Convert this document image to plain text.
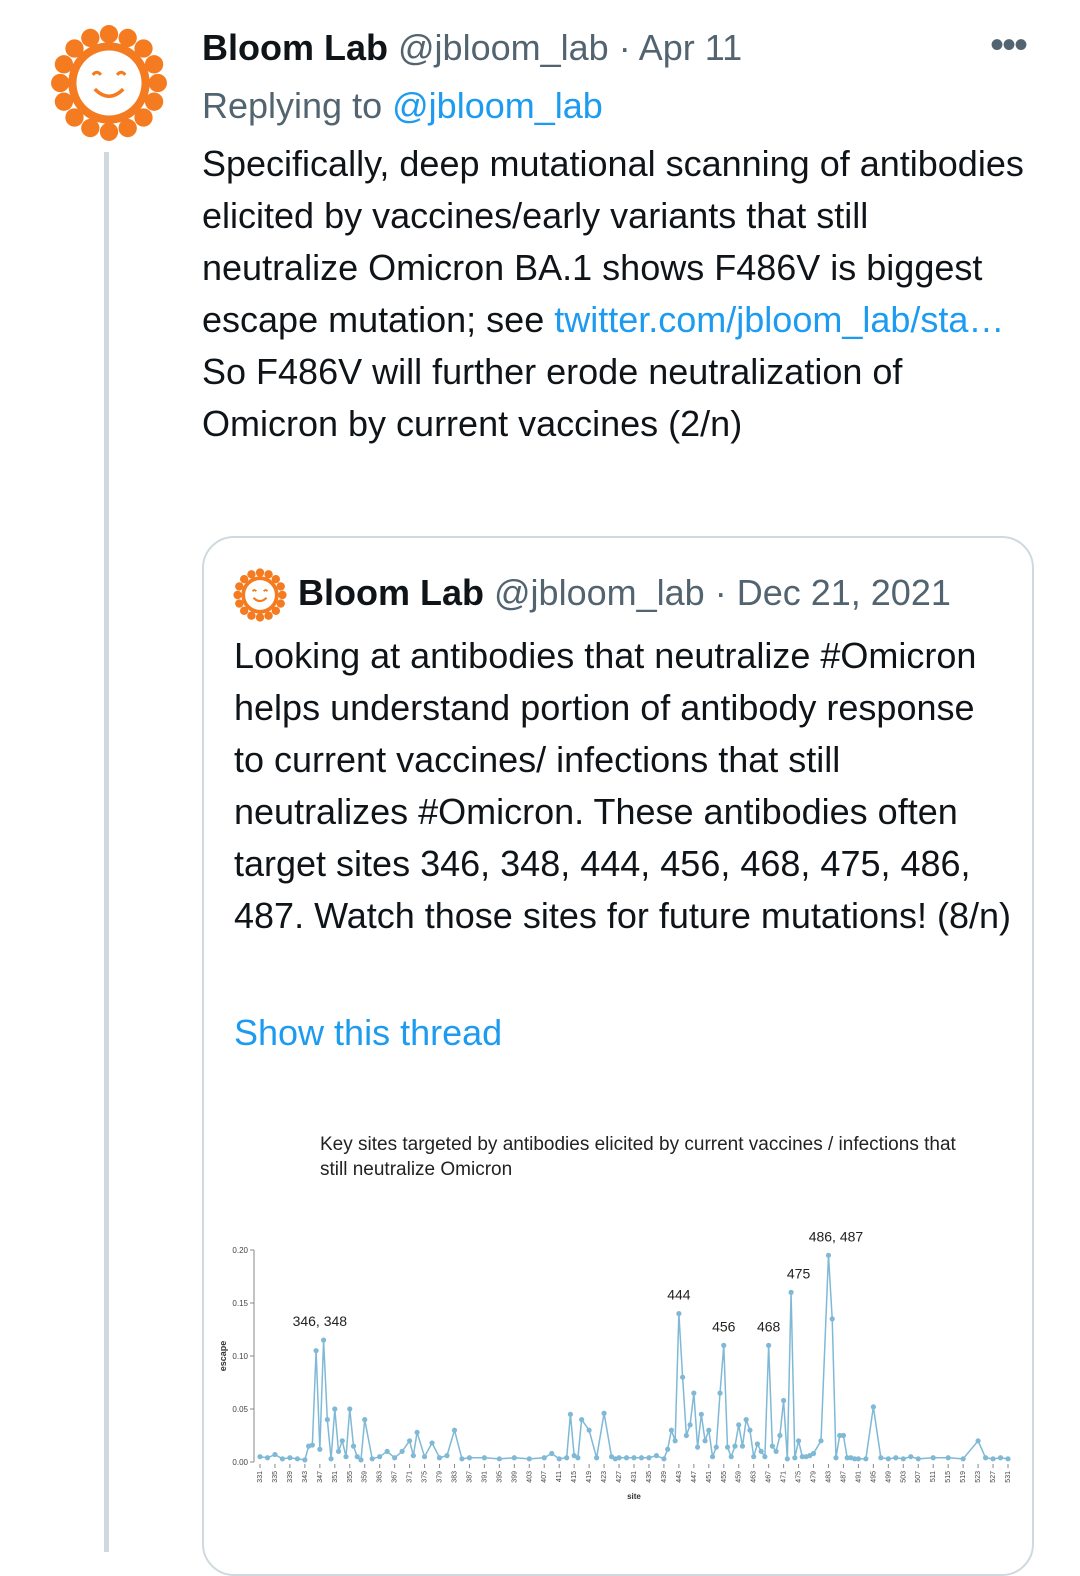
Bloom Lab @jbloom_lab · Apr 11	•••
Replying to @jbloom_lab
Specifically, deep mutational scanning of antibodies elicited by vaccines/early variants that still neutralize Omicron BA.1 shows F486V is biggest escape mutation; see twitter.com/jbloom_lab/sta… So F486V will further erode neutralization of Omicron by current vaccines (2/n)
Bloom Lab @jbloom_lab · Dec 21, 2021
Looking at antibodies that neutralize #Omicron helps understand portion of antibody response to current vaccines/ infections that still neutralizes #Omicron. These antibodies often target sites 346, 348, 444, 456, 468, 475, 486, 487. Watch those sites for future mutations! (8/n)
Show this thread
Key sites targeted by antibodies elicited by current vaccines / infections that still neutralize Omicron
0.00
0.05
0.10
0.15
0.20
escape
331 335 339 343 347 351 355 359 363 367 371 375 379 383 387 391 395 399 403 407 411 415 419 423 427 431 435 439 443 447 451 455 459 463 467 471 475 479 483 487 491 495 499 503 507 511 515 519 523 527 531
site
346, 348
444
456 468
475
486, 487
